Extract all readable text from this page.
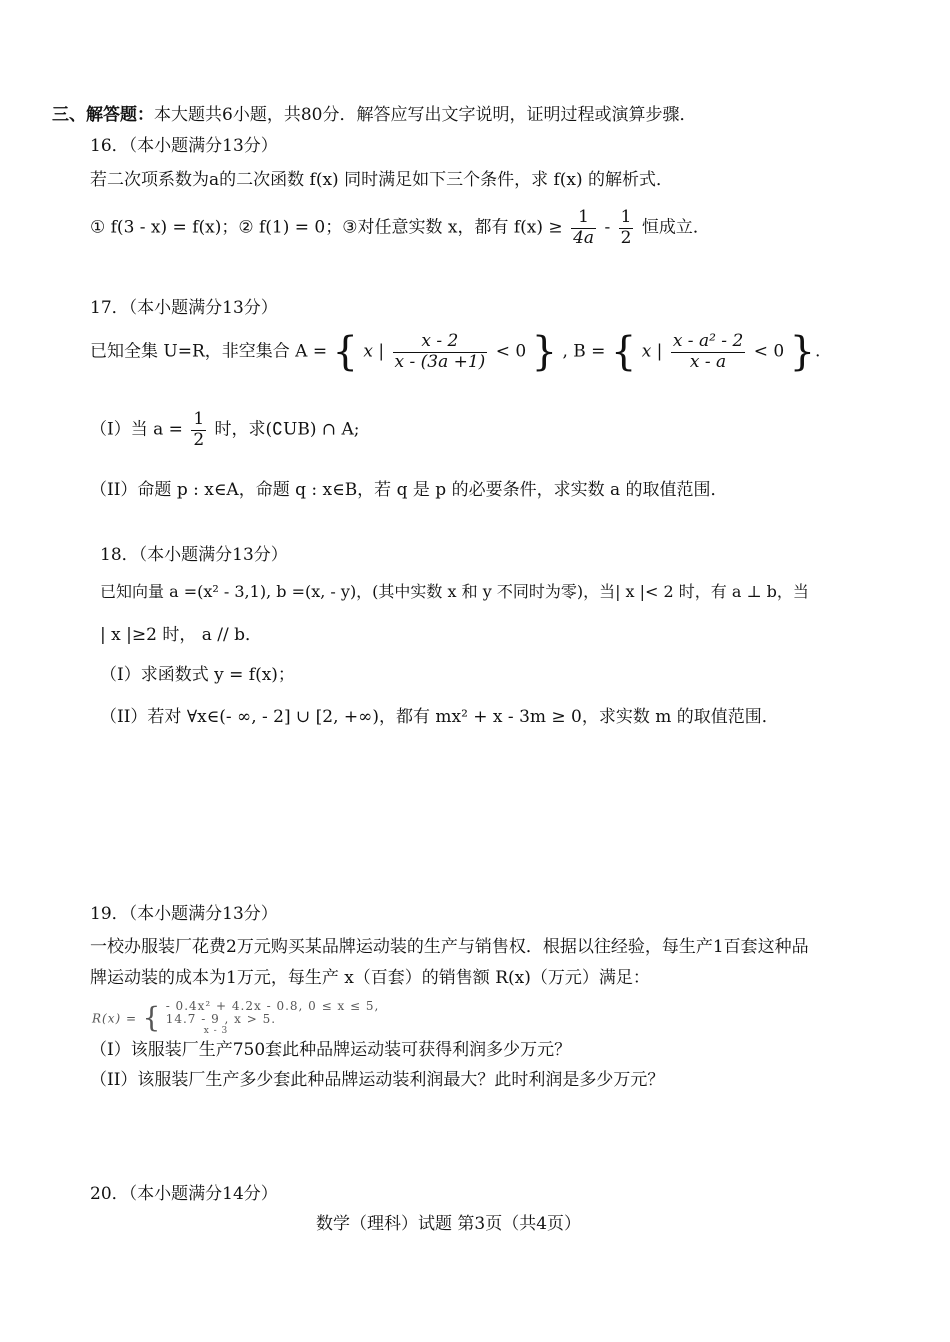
三、解答题：本大题共6小题，共80分．解答应写出文字说明，证明过程或演算步骤．
16．（本小题满分13分）
若二次项系数为a的二次函数 f(x) 同时满足如下三个条件，求 f(x) 的解析式．
① f(3 - x) = f(x)；② f(1) = 0；③对任意实数 x，都有 $f(x) \ge \frac{1}{4a} - \frac{1}{2}$ 恒成立．
17．（本小题满分13分）
已知全集 U=R，非空集合 A = { x | $\frac{x - 2}{x - (3a +1)} < 0$ } , B = { x | $\frac{\text{x - a² - 2}}{x - a} < 0$ }.
（I）当 $a = \frac{1}{2}$ 时，求(∁UB) ∩ A;
（II）命题 p : x∈A，命题 q : x∈B，若 q 是 p 的必要条件，求实数 a 的取值范围．
18．（本小题满分13分）
已知向量 a =(x² - 3,1), b =(x, - y)，(其中实数 x 和 y 不同时为零)，当| x |< 2 时，有 a ⊥ b，当
| x |≥2 时， a // b．
（I）求函数式 y = f(x)；
（II）若对 ∀x∈(- ∞, - 2] ∪ [2, +∞)，都有 mx² + x - 3m ≥ 0，求实数 m 的取值范围．
19．（本小题满分13分）
一校办服装厂花费2万元购买某品牌运动装的生产与销售权．根据以往经验，每生产1百套这种品
牌运动装的成本为1万元，每生产 x（百套）的销售额 R(x)（万元）满足：
R(x) = { - 0.4x² + 4.2x - 0.8, 0 ≤ x ≤ 5,
14.7 - 9 , x > 5.
x - 3
（I）该服装厂生产750套此种品牌运动装可获得利润多少万元？
（II）该服装厂生产多少套此种品牌运动装利润最大？此时利润是多少万元？
20．（本小题满分14分）
数学（理科）试题 第3页（共4页）
